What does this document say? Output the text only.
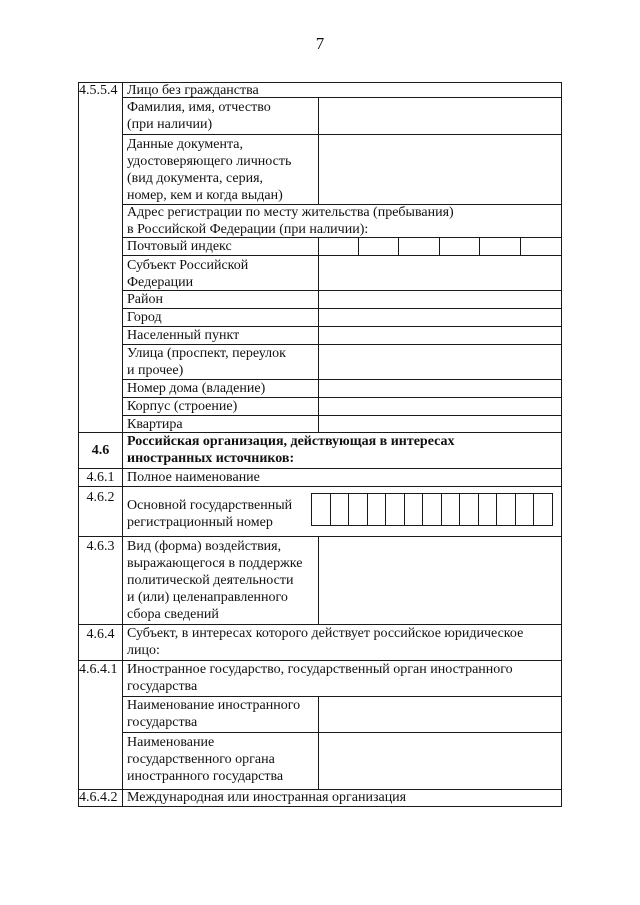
7
4.5.5.4 Лицо без гражданства
Фамилия, имя, отчество
(при наличии)
Данные документа,
удостоверяющего личность
(вид документа, серия,
номер, кем и когда выдан)
Адрес регистрации по месту жительства (пребывания)
в Российской Федерации (при наличии):
Почтовый индекс
Субъект Российской
Федерации
Район
Город
Населенный пункт
Улица (проспект, переулок
и прочее)
Номер дома (владение)
Корпус (строение)
Квартира
4.6
Российская организация, действующая в интересах
иностранных источников:
4.6.1 Полное наименование
4.6.2
Основной государственный
регистрационный номер
4.6.3 Вид (форма) воздействия,
выражающегося в поддержке
политической деятельности
и (или) целенаправленного
сбора сведений
4.6.4 Субъект, в интересах которого действует российское юридическое
лицо:
4.6.4.1 Иностранное государство, государственный орган иностранного
государства
Наименование иностранного
государства
Наименование
государственного органа
иностранного государства
4.6.4.2 Международная или иностранная организация
